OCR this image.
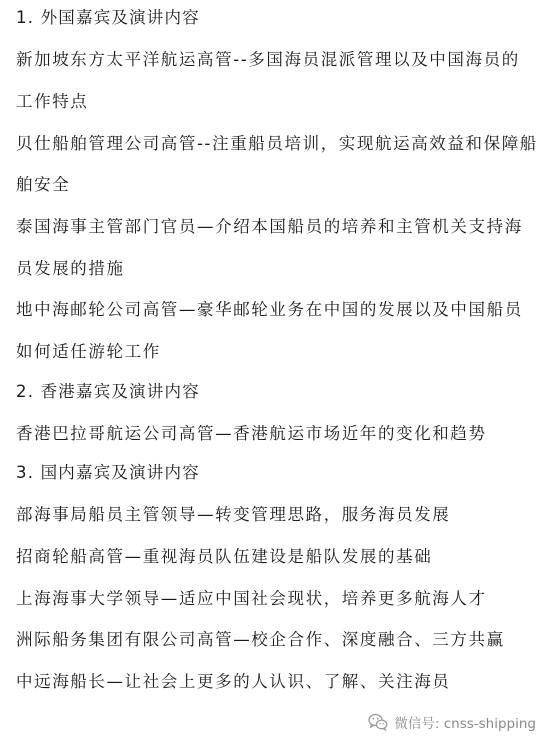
1. 外国嘉宾及演讲内容
新加坡东方太平洋航运高管--多国海员混派管理以及中国海员的
工作特点
贝仕船舶管理公司高管--注重船员培训，实现航运高效益和保障船
舶安全
泰国海事主管部门官员—介绍本国船员的培养和主管机关支持海
员发展的措施
地中海邮轮公司高管—豪华邮轮业务在中国的发展以及中国船员
如何适任游轮工作
2. 香港嘉宾及演讲内容
香港巴拉哥航运公司高管—香港航运市场近年的变化和趋势
3. 国内嘉宾及演讲内容
部海事局船员主管领导—转变管理思路，服务海员发展
招商轮船高管—重视海员队伍建设是船队发展的基础
上海海事大学领导—适应中国社会现状，培养更多航海人才
洲际船务集团有限公司高管—校企合作、深度融合、三方共赢
中远海船长—让社会上更多的人认识、了解、关注海员
微信号: cnss-shipping
